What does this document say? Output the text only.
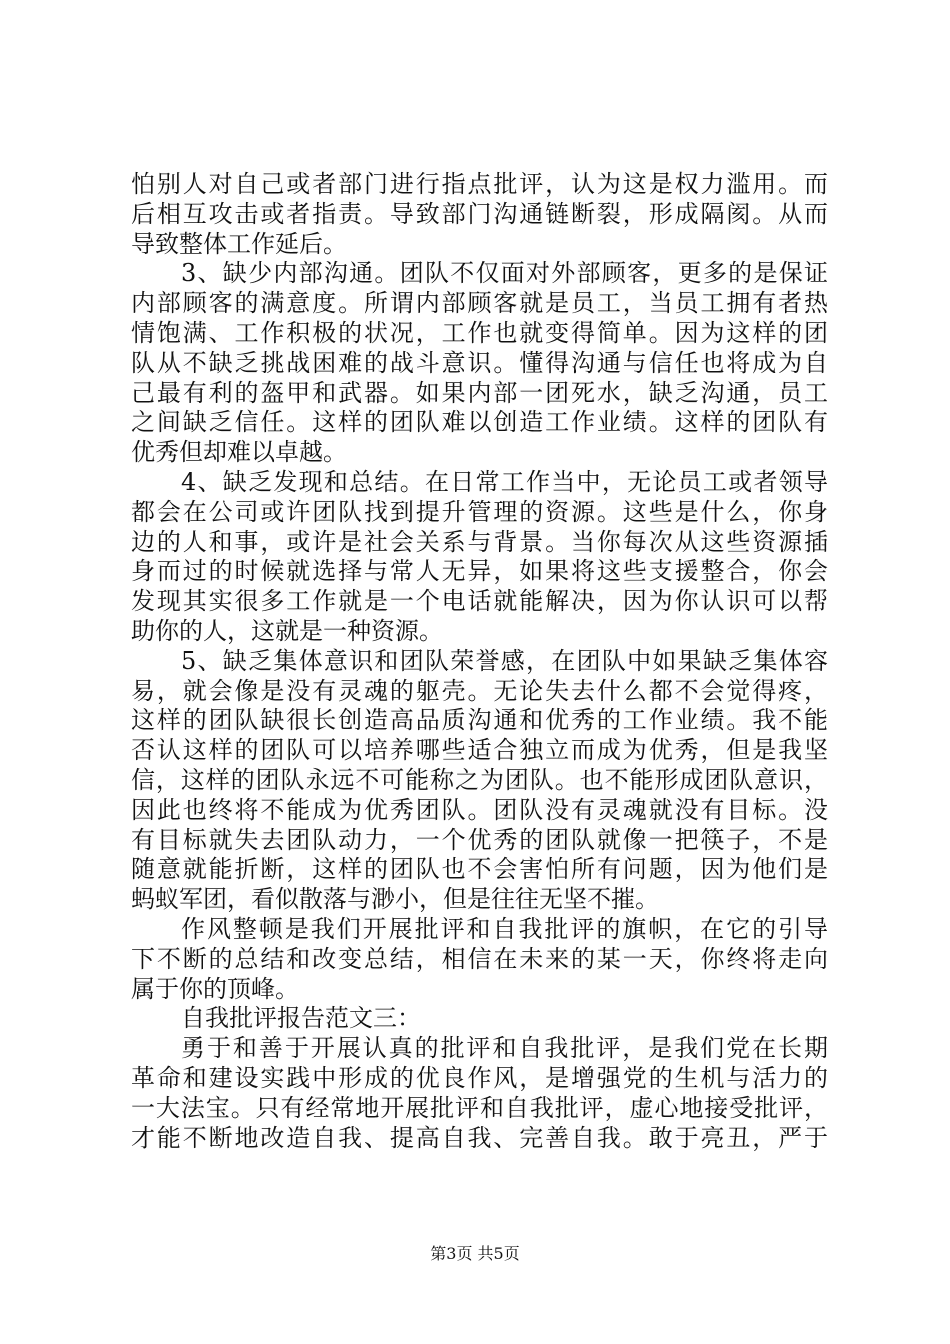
怕别人对自己或者部门进行指点批评，认为这是权力滥用。而
后相互攻击或者指责。导致部门沟通链断裂，形成隔阂。从而
导致整体工作延后。
3、缺少内部沟通。团队不仅面对外部顾客，更多的是保证
内部顾客的满意度。所谓内部顾客就是员工，当员工拥有者热
情饱满、工作积极的状况，工作也就变得简单。因为这样的团
队从不缺乏挑战困难的战斗意识。懂得沟通与信任也将成为自
己最有利的盔甲和武器。如果内部一团死水，缺乏沟通，员工
之间缺乏信任。这样的团队难以创造工作业绩。这样的团队有
优秀但却难以卓越。
4、缺乏发现和总结。在日常工作当中，无论员工或者领导
都会在公司或许团队找到提升管理的资源。这些是什么，你身
边的人和事，或许是社会关系与背景。当你每次从这些资源插
身而过的时候就选择与常人无异，如果将这些支援整合，你会
发现其实很多工作就是一个电话就能解决，因为你认识可以帮
助你的人，这就是一种资源。
5、缺乏集体意识和团队荣誉感，在团队中如果缺乏集体容
易，就会像是没有灵魂的躯壳。无论失去什么都不会觉得疼，
这样的团队缺很长创造高品质沟通和优秀的工作业绩。我不能
否认这样的团队可以培养哪些适合独立而成为优秀，但是我坚
信，这样的团队永远不可能称之为团队。也不能形成团队意识，
因此也终将不能成为优秀团队。团队没有灵魂就没有目标。没
有目标就失去团队动力，一个优秀的团队就像一把筷子，不是
随意就能折断，这样的团队也不会害怕所有问题，因为他们是
蚂蚁军团，看似散落与渺小，但是往往无坚不摧。
作风整顿是我们开展批评和自我批评的旗帜，在它的引导
下不断的总结和改变总结，相信在未来的某一天，你终将走向
属于你的顶峰。
自我批评报告范文三：
勇于和善于开展认真的批评和自我批评，是我们党在长期
革命和建设实践中形成的优良作风，是增强党的生机与活力的
一大法宝。只有经常地开展批评和自我批评，虚心地接受批评，
才能不断地改造自我、提高自我、完善自我。敢于亮丑，严于
第3页 共5页
